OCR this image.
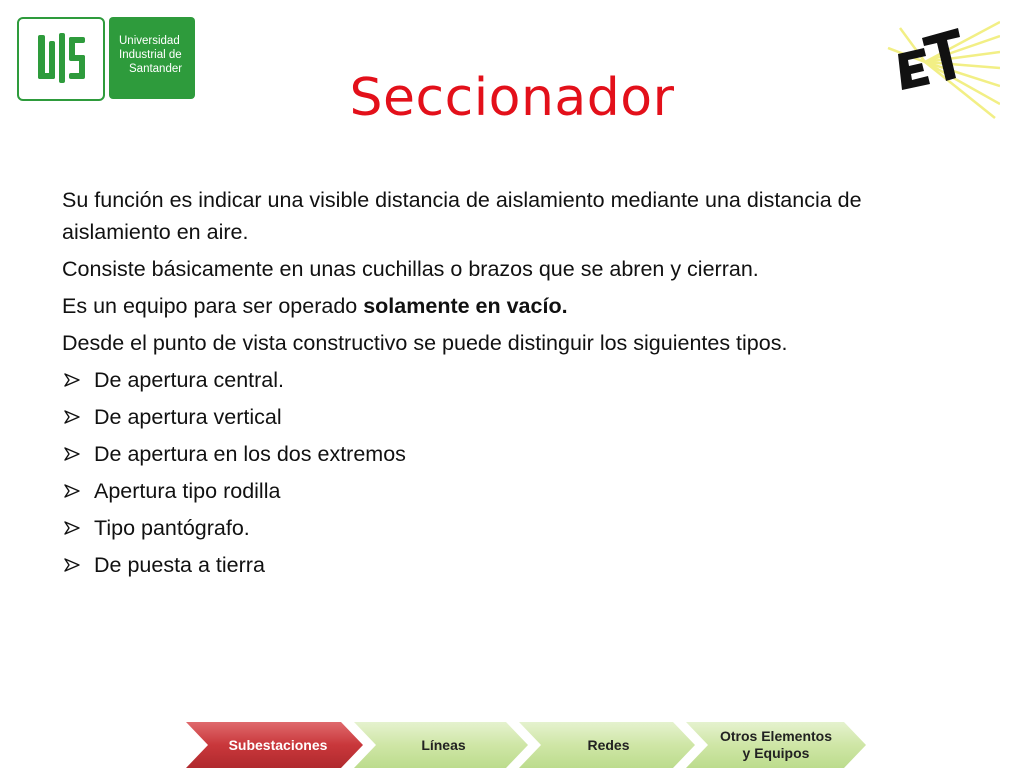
Universidad
Industrial de
Santander	Seccionador

Su función es indicar una visible distancia de aislamiento mediante una distancia de aislamiento en aire.

Consiste básicamente en unas cuchillas o brazos que se abren y cierran.

Es un equipo para ser operado solamente en vacío.

Desde el punto de vista constructivo se puede distinguir los siguientes tipos.

De apertura central.
De apertura vertical
De apertura en los dos extremos
Apertura tipo rodilla
Tipo pantógrafo.
De puesta a tierra
Subestaciones	Líneas	Redes
Otros Elementos
y Equipos
